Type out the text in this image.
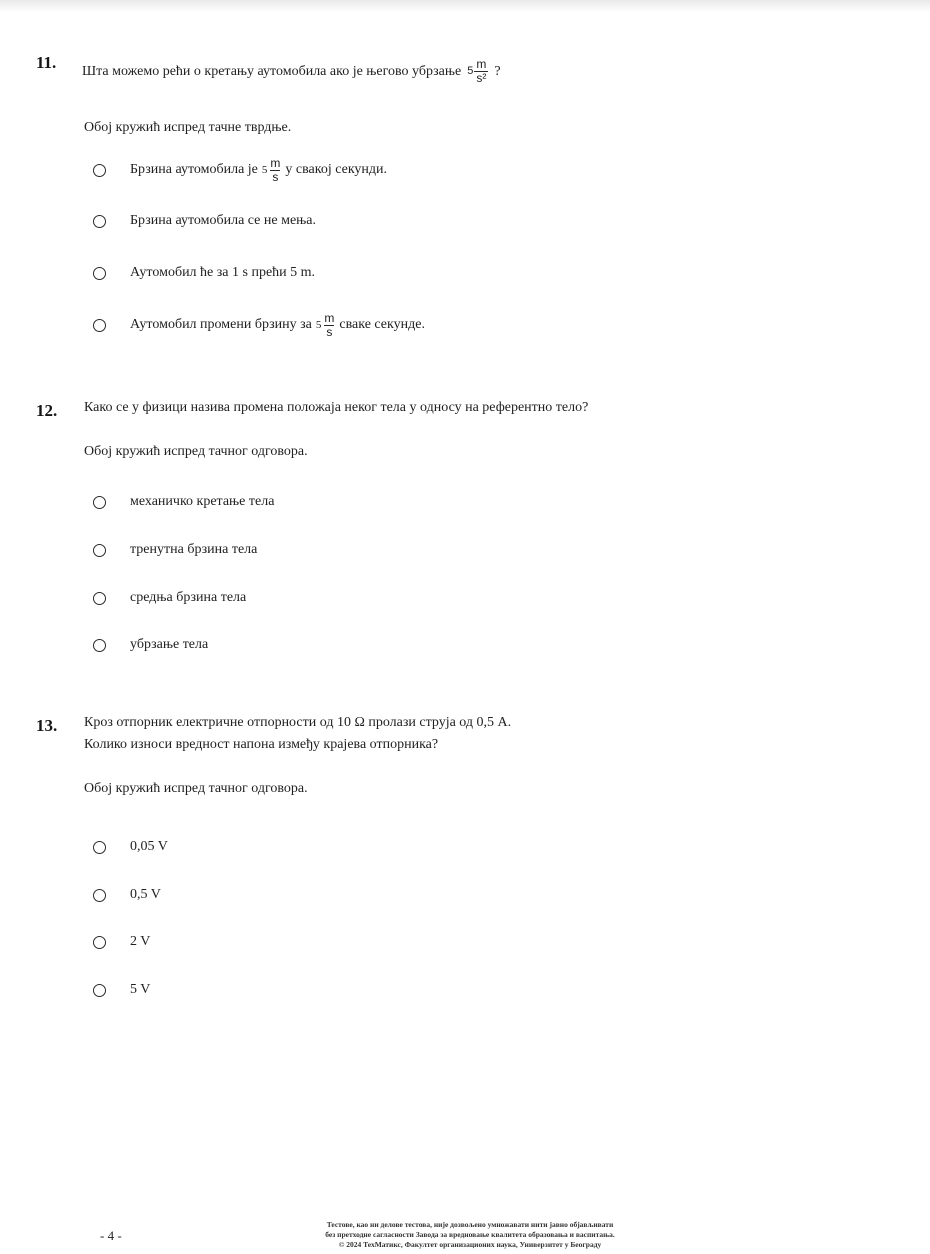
11. Шта можемо рећи о кретању аутомобила ако је његово убрзање $5 \frac{m}{\text{s²}}$ ?
Обој кружић испред тачне тврдње.
Брзина аутомобила је $5 \frac{m}{s}$ у свакој секунди.
Брзина аутомобила се не мења.
Аутомобил ће за 1 s прећи 5 m.
Аутомобил промени брзину за $5 \frac{m}{s}$ сваке секунде.
12. Како се у физици назива промена положаја неког тела у односу на референтно тело?
Обој кружић испред тачног одговора.
механичко кретање тела
тренутна брзина тела
средња брзина тела
убрзање тела
13. Кроз отпорник електричне отпорности од 10 Ω пролази струја од 0,5 A.
Колико износи вредност напона између крајева отпорника?
Обој кружић испред тачног одговора.
0,05 V
0,5 V
2 V
5 V
- 4 -
Тестове, као ни делове тестова, није дозвољено умножавати нити јавно објављивати
без претходне сагласности Завода за вредновање квалитета образовања и васпитања.
© 2024 ТехМатикс, Факултет организационих наука, Универзитет у Београду
